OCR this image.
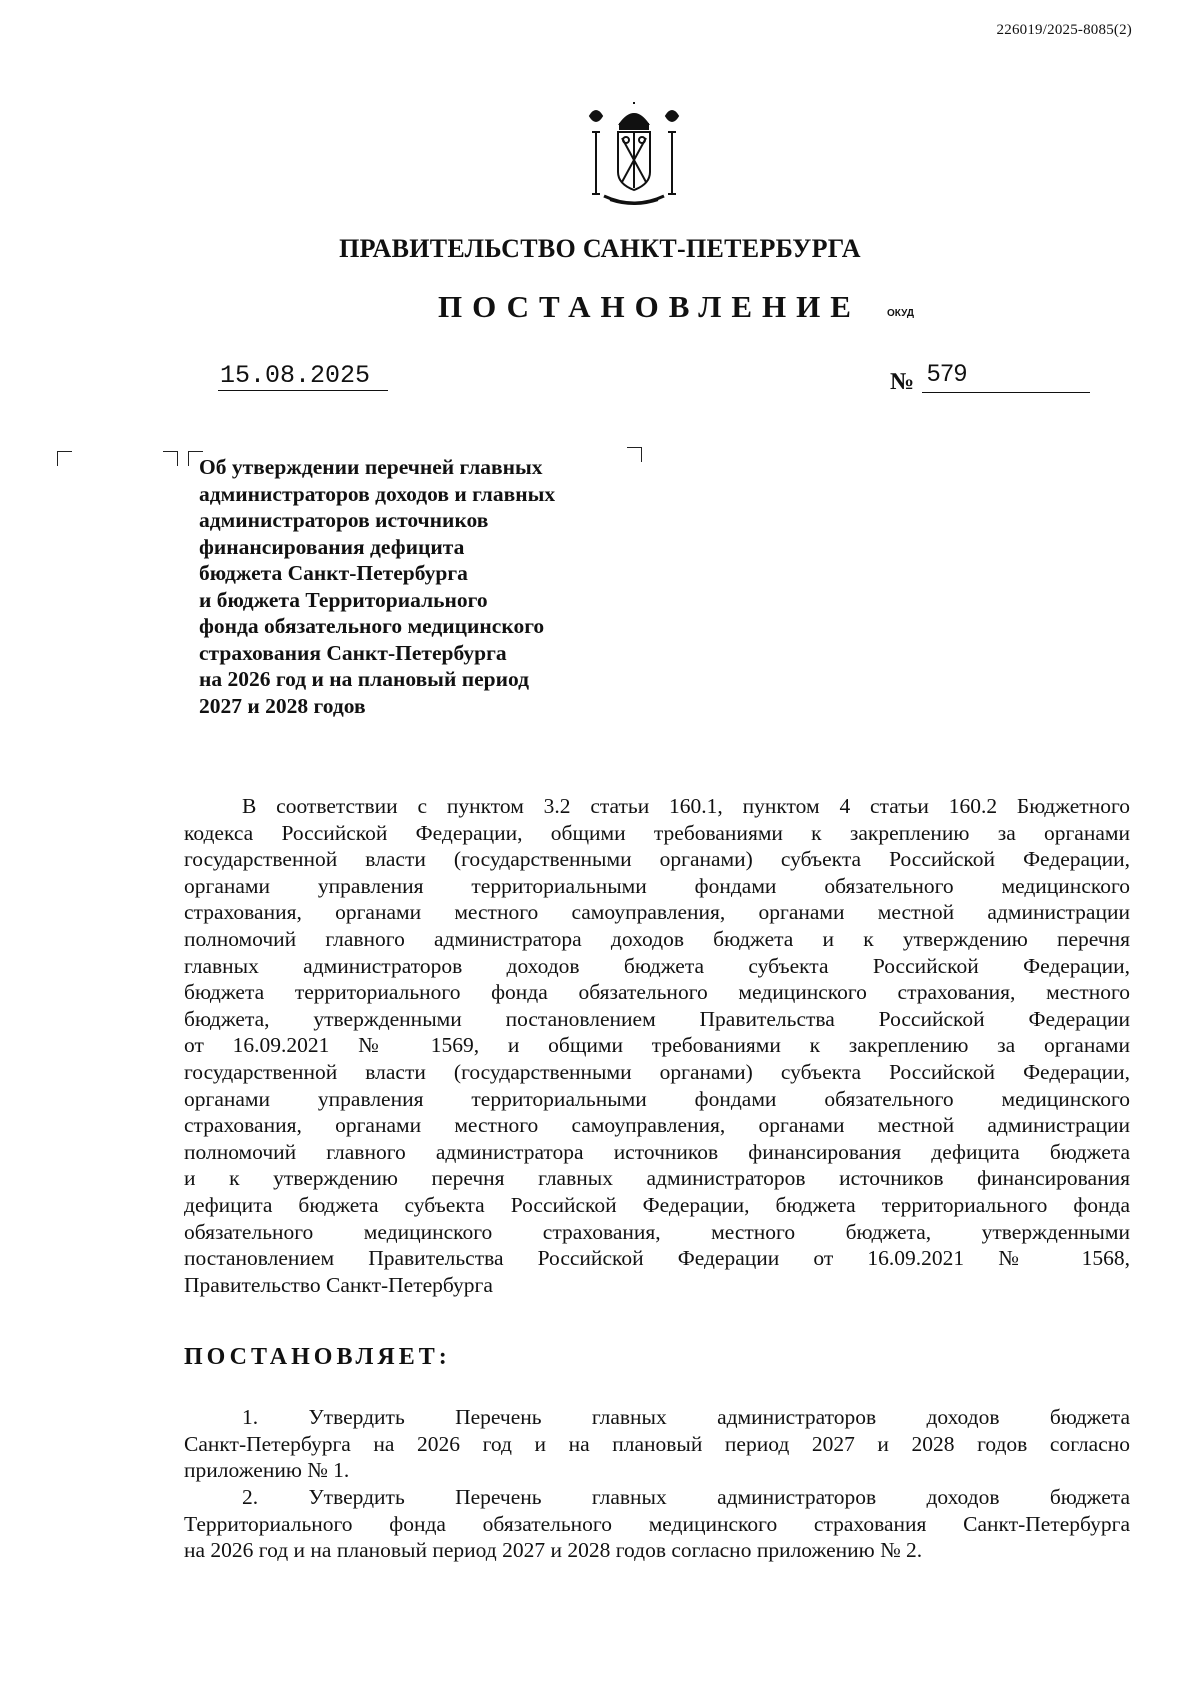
226019/2025-8085(2)
ПРАВИТЕЛЬСТВО САНКТ-ПЕТЕРБУРГА
ПОСТАНОВЛЕНИЕ	ОКУД
15.08.2025	№ 579
Об утверждении перечней главных
администраторов доходов и главных
администраторов источников
финансирования дефицита
бюджета Санкт-Петербурга
и бюджета Территориального
фонда обязательного медицинского
страхования Санкт-Петербурга
на 2026 год и на плановый период
2027 и 2028 годов
В соответствии с пунктом 3.2 статьи 160.1, пунктом 4 статьи 160.2 Бюджетного
кодекса Российской Федерации, общими требованиями к закреплению за органами
государственной власти (государственными органами) субъекта Российской Федерации,
органами управления территориальными фондами обязательного медицинского
страхования, органами местного самоуправления, органами местной администрации
полномочий главного администратора доходов бюджета и к утверждению перечня
главных администраторов доходов бюджета субъекта Российской Федерации,
бюджета территориального фонда обязательного медицинского страхования, местного
бюджета, утвержденными постановлением Правительства Российской Федерации
от 16.09.2021 № 1569, и общими требованиями к закреплению за органами
государственной власти (государственными органами) субъекта Российской Федерации,
органами управления территориальными фондами обязательного медицинского
страхования, органами местного самоуправления, органами местной администрации
полномочий главного администратора источников финансирования дефицита бюджета
и к утверждению перечня главных администраторов источников финансирования
дефицита бюджета субъекта Российской Федерации, бюджета территориального фонда
обязательного медицинского страхования, местного бюджета, утвержденными
постановлением Правительства Российской Федерации от 16.09.2021 № 1568,
Правительство Санкт-Петербурга
ПОСТАНОВЛЯЕТ:
1. Утвердить Перечень главных администраторов доходов бюджета
Санкт-Петербурга на 2026 год и на плановый период 2027 и 2028 годов согласно
приложению № 1.
2. Утвердить Перечень главных администраторов доходов бюджета
Территориального фонда обязательного медицинского страхования Санкт-Петербурга
на 2026 год и на плановый период 2027 и 2028 годов согласно приложению № 2.
